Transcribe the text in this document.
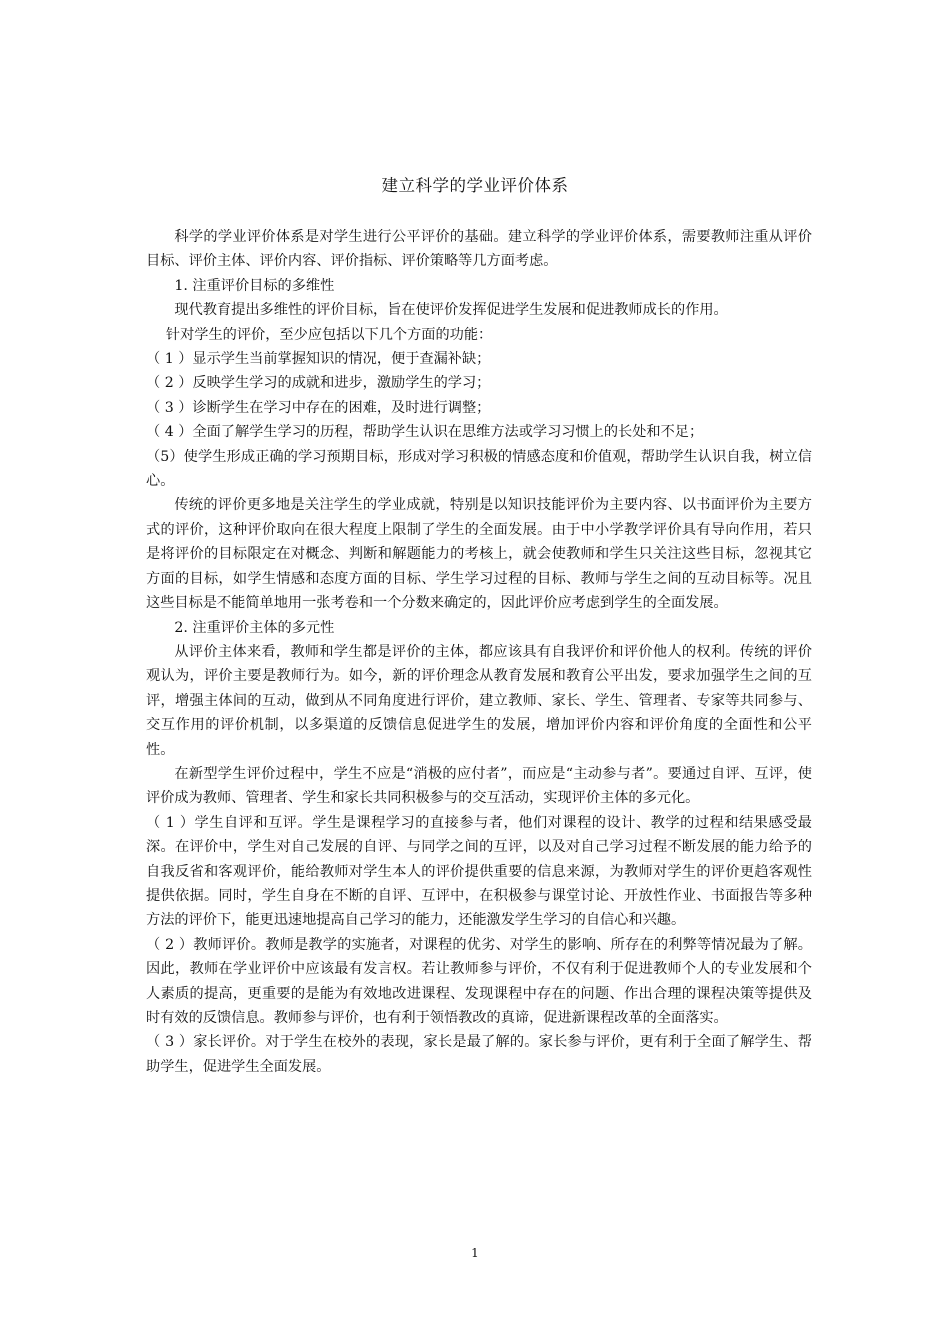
建立科学的学业评价体系

科学的学业评价体系是对学生进行公平评价的基础。建立科学的学业评价体系，需要教师注重从评价目标、评价主体、评价内容、评价指标、评价策略等几方面考虑。

1. 注重评价目标的多维性

现代教育提出多维性的评价目标，旨在使评价发挥促进学生发展和促进教师成长的作用。

针对学生的评价，至少应包括以下几个方面的功能：

（ 1 ）显示学生当前掌握知识的情况，便于查漏补缺；

（ 2 ）反映学生学习的成就和进步，激励学生的学习；

（ 3 ）诊断学生在学习中存在的困难，及时进行调整；

（ 4 ）全面了解学生学习的历程，帮助学生认识在思维方法或学习习惯上的长处和不足；

（5）使学生形成正确的学习预期目标，形成对学习积极的情感态度和价值观，帮助学生认识自我，树立信心。

传统的评价更多地是关注学生的学业成就，特别是以知识技能评价为主要内容、以书面评价为主要方式的评价，这种评价取向在很大程度上限制了学生的全面发展。由于中小学教学评价具有导向作用，若只是将评价的目标限定在对概念、判断和解题能力的考核上，就会使教师和学生只关注这些目标，忽视其它方面的目标，如学生情感和态度方面的目标、学生学习过程的目标、教师与学生之间的互动目标等。况且这些目标是不能简单地用一张考卷和一个分数来确定的，因此评价应考虑到学生的全面发展。

2. 注重评价主体的多元性

从评价主体来看，教师和学生都是评价的主体，都应该具有自我评价和评价他人的权利。传统的评价观认为，评价主要是教师行为。如今，新的评价理念从教育发展和教育公平出发，要求加强学生之间的互评，增强主体间的互动，做到从不同角度进行评价，建立教师、家长、学生、管理者、专家等共同参与、交互作用的评价机制，以多渠道的反馈信息促进学生的发展，增加评价内容和评价角度的全面性和公平性。

在新型学生评价过程中，学生不应是“消极的应付者”，而应是“主动参与者”。要通过自评、互评，使评价成为教师、管理者、学生和家长共同积极参与的交互活动，实现评价主体的多元化。

（ 1 ）学生自评和互评。学生是课程学习的直接参与者，他们对课程的设计、教学的过程和结果感受最深。在评价中，学生对自己发展的自评、与同学之间的互评，以及对自己学习过程不断发展的能力给予的自我反省和客观评价，能给教师对学生本人的评价提供重要的信息来源，为教师对学生的评价更趋客观性提供依据。同时，学生自身在不断的自评、互评中，在积极参与课堂讨论、开放性作业、书面报告等多种方法的评价下，能更迅速地提高自己学习的能力，还能激发学生学习的自信心和兴趣。

（ 2 ）教师评价。教师是教学的实施者，对课程的优劣、对学生的影响、所存在的利弊等情况最为了解。因此，教师在学业评价中应该最有发言权。若让教师参与评价，不仅有利于促进教师个人的专业发展和个人素质的提高，更重要的是能为有效地改进课程、发现课程中存在的问题、作出合理的课程决策等提供及时有效的反馈信息。教师参与评价，也有利于领悟教改的真谛，促进新课程改革的全面落实。

（ 3 ）家长评价。对于学生在校外的表现，家长是最了解的。家长参与评价，更有利于全面了解学生、帮助学生，促进学生全面发展。

1
